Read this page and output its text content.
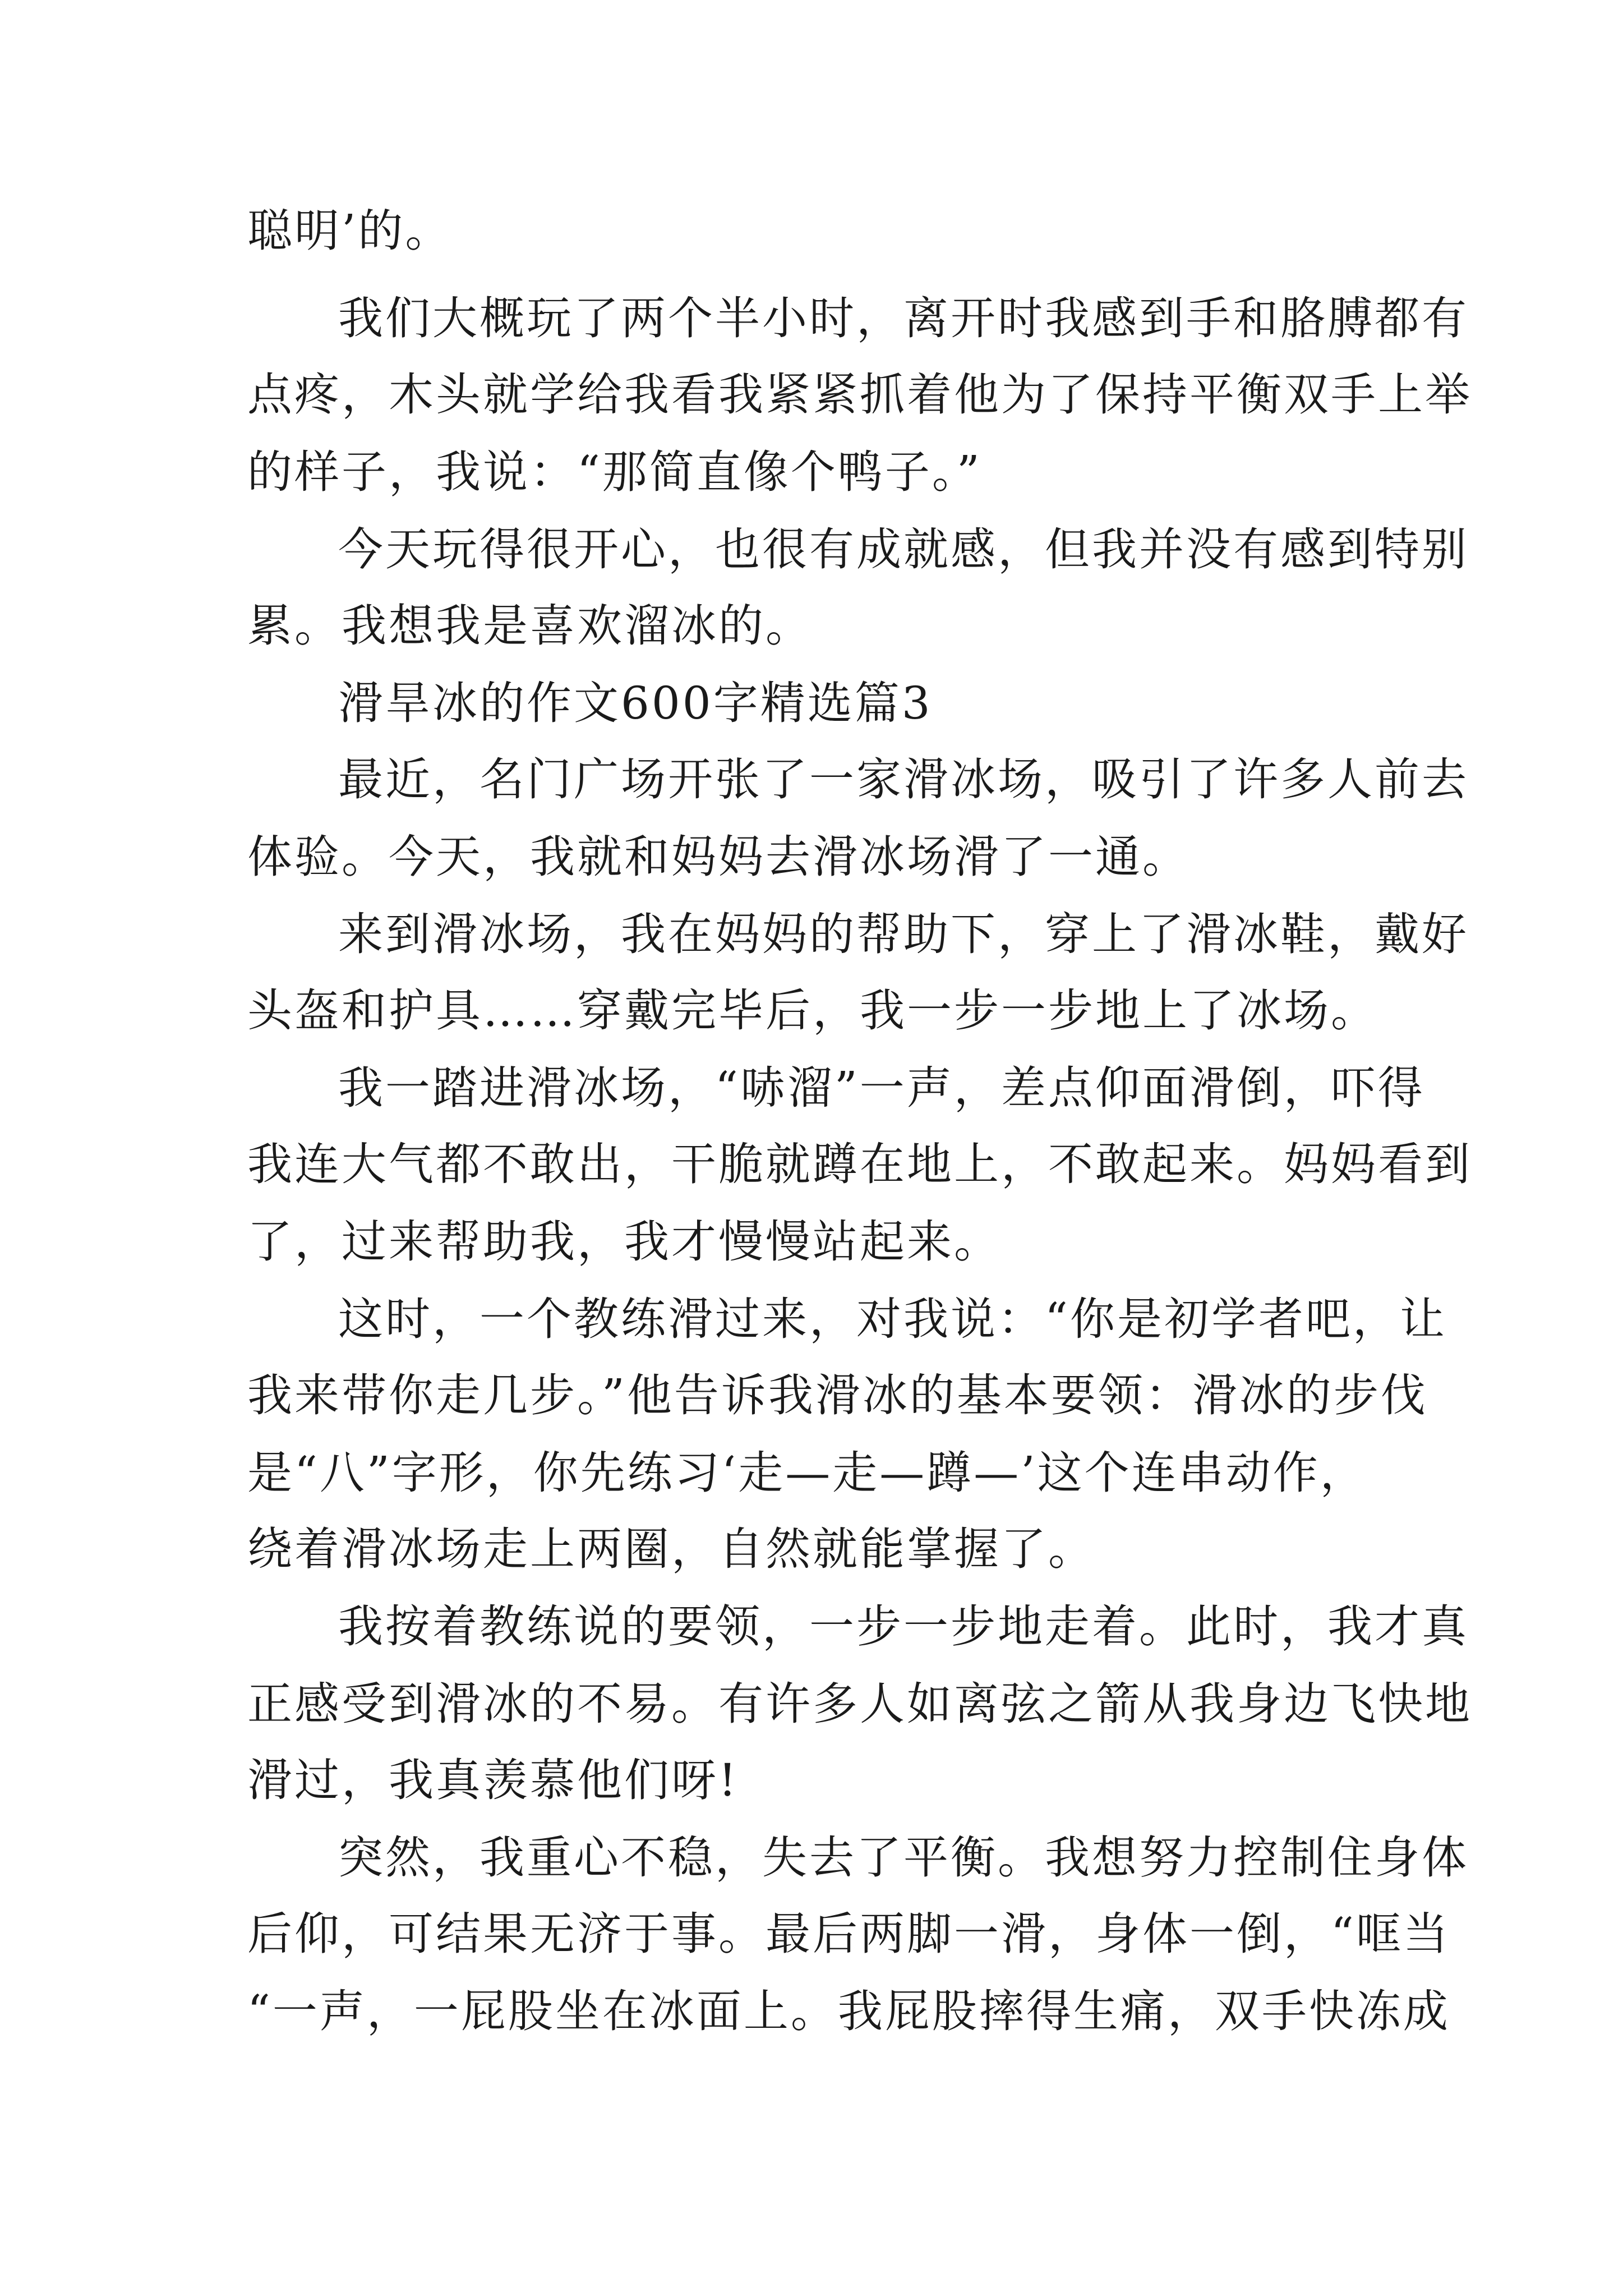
聪明’的。
我们大概玩了两个半小时，离开时我感到手和胳膊都有
点疼，木头就学给我看我紧紧抓着他为了保持平衡双手上举
的样子，我说：“那简直像个鸭子。”
今天玩得很开心，也很有成就感，但我并没有感到特别
累。我想我是喜欢溜冰的。
滑旱冰的作文600字精选篇3
最近，名门广场开张了一家滑冰场，吸引了许多人前去
体验。今天，我就和妈妈去滑冰场滑了一通。
来到滑冰场，我在妈妈的帮助下，穿上了滑冰鞋，戴好
头盔和护具……穿戴完毕后，我一步一步地上了冰场。
我一踏进滑冰场，“哧溜”一声，差点仰面滑倒，吓得
我连大气都不敢出，干脆就蹲在地上，不敢起来。妈妈看到
了，过来帮助我，我才慢慢站起来。
这时，一个教练滑过来，对我说：“你是初学者吧，让
我来带你走几步。”他告诉我滑冰的基本要领：滑冰的步伐
是“八”字形，你先练习‘走—走—蹲—’这个连串动作，
绕着滑冰场走上两圈，自然就能掌握了。
我按着教练说的要领，一步一步地走着。此时，我才真
正感受到滑冰的不易。有许多人如离弦之箭从我身边飞快地
滑过，我真羡慕他们呀!
突然，我重心不稳，失去了平衡。我想努力控制住身体
后仰，可结果无济于事。最后两脚一滑，身体一倒，“哐当
“一声，一屁股坐在冰面上。我屁股摔得生痛，双手快冻成
